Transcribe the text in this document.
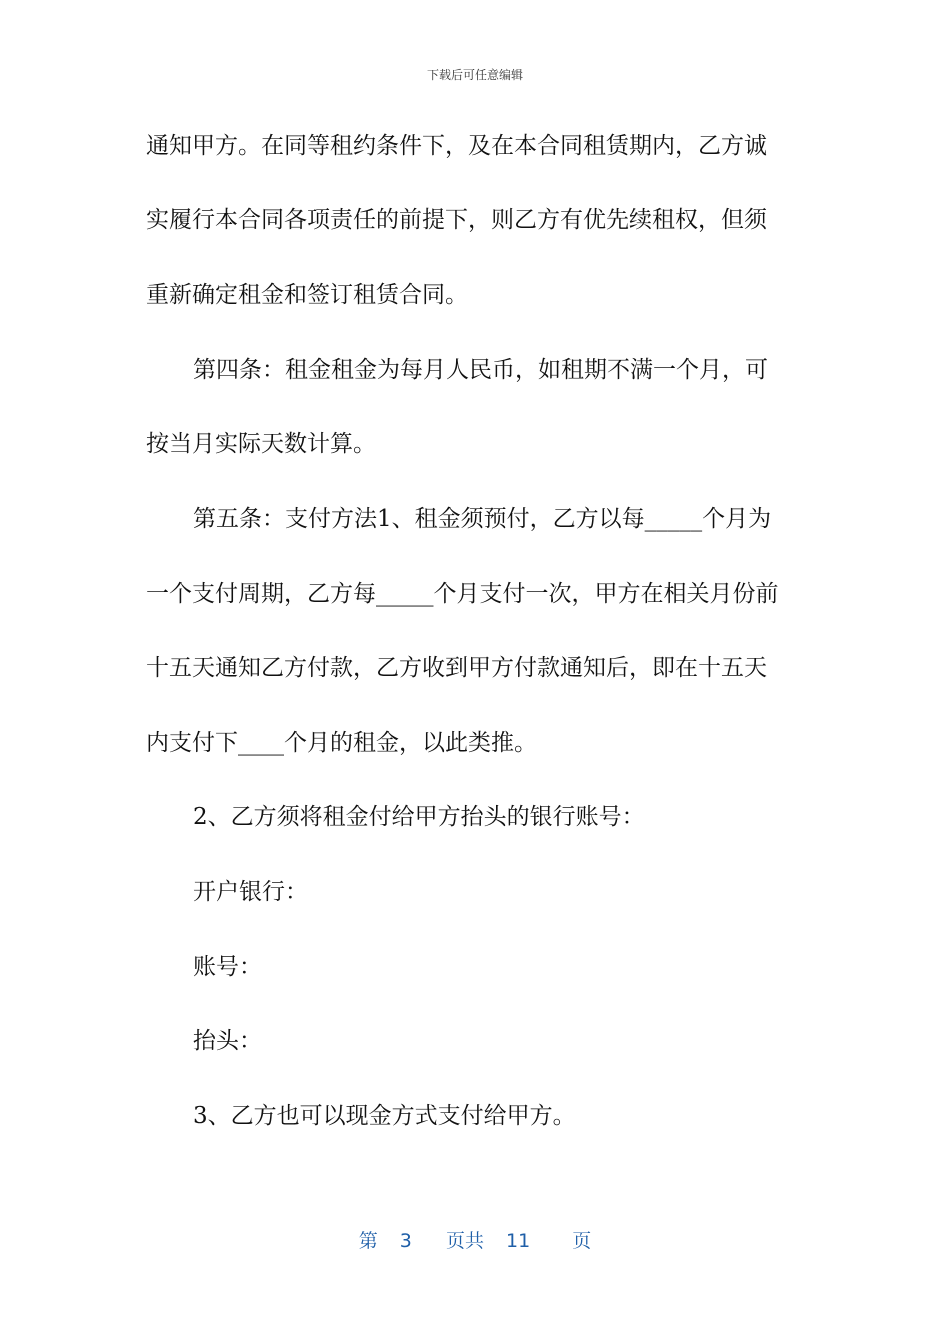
下载后可任意编辑
通知甲方。在同等租约条件下，及在本合同租赁期内，乙方诚
实履行本合同各项责任的前提下，则乙方有优先续租权，但须
重新确定租金和签订租赁合同。
第四条：租金租金为每月人民币，如租期不满一个月，可
按当月实际天数计算。
第五条：支付方法1、租金须预付，乙方以每_____个月为
一个支付周期，乙方每_____个月支付一次，甲方在相关月份前
十五天通知乙方付款，乙方收到甲方付款通知后，即在十五天
内支付下____个月的租金，以此类推。
2、乙方须将租金付给甲方抬头的银行账号：
开户银行：
账号：
抬头：
3、乙方也可以现金方式支付给甲方。
第 3 页共 11 页
